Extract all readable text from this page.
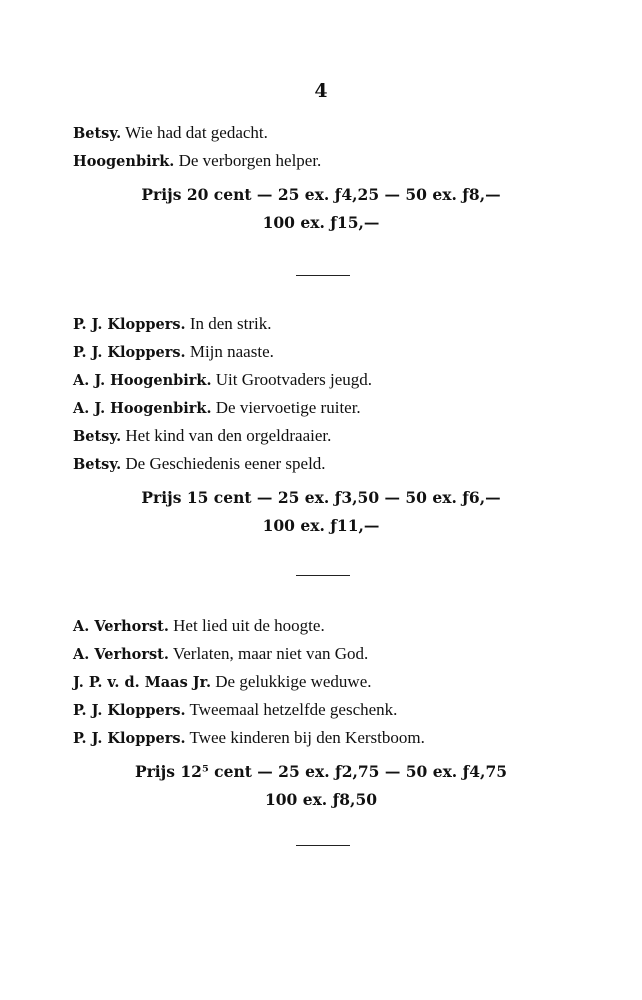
4
Betsy. Wie had dat gedacht.
Hoogenbirk. De verborgen helper.
Prijs 20 cent — 25 ex. ƒ4,25 — 50 ex. ƒ8,—
100 ex. ƒ15,—
P. J. Kloppers. In den strik.
P. J. Kloppers. Mijn naaste.
A. J. Hoogenbirk. Uit Grootvaders jeugd.
A. J. Hoogenbirk. De viervoetige ruiter.
Betsy. Het kind van den orgeldraaier.
Betsy. De Geschiedenis eener speld.
Prijs 15 cent — 25 ex. ƒ3,50 — 50 ex. ƒ6,—
100 ex. ƒ11,—
A. Verhorst. Het lied uit de hoogte.
A. Verhorst. Verlaten, maar niet van God.
J. P. v. d. Maas Jr. De gelukkige weduwe.
P. J. Kloppers. Tweemaal hetzelfde geschenk.
P. J. Kloppers. Twee kinderen bij den Kerstboom.
Prijs 12⁵ cent — 25 ex. ƒ2,75 — 50 ex. ƒ4,75
100 ex. ƒ8,50
